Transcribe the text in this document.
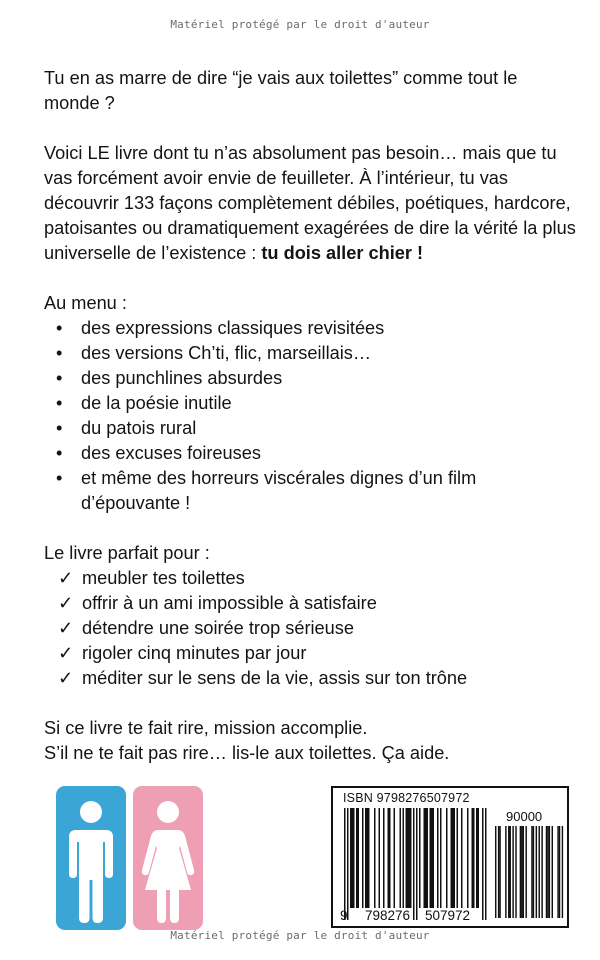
Matériel protégé par le droit d'auteur

Tu en as marre de dire “je vais aux toilettes” comme tout le
monde ?

Voici LE livre dont tu n’as absolument pas besoin… mais que tu vas forcément avoir envie de feuilleter. À l’intérieur, tu vas découvrir 133 façons complètement débiles, poétiques, hardcore, patoisantes ou dramatiquement exagérées de dire la vérité la plus universelle de l’existence : tu dois aller chier !

Au menu :

• des expressions classiques revisitées
• des versions Ch’ti, flic, marseillais…
• des punchlines absurdes
• de la poésie inutile
• du patois rural
• des excuses foireuses
• et même des horreurs viscérales dignes d’un film d’épouvante !

Le livre parfait pour :

✓ meubler tes toilettes
✓ offrir à un ami impossible à satisfaire
✓ détendre une soirée trop sérieuse
✓ rigoler cinq minutes par jour
✓ méditer sur le sens de la vie, assis sur ton trône

Si ce livre te fait rire, mission accomplie.
S’il ne te fait pas rire… lis-le aux toilettes. Ça aide.

ISBN 9798276507972
90000
9 798276 507972
Matériel protégé par le droit d'auteur
